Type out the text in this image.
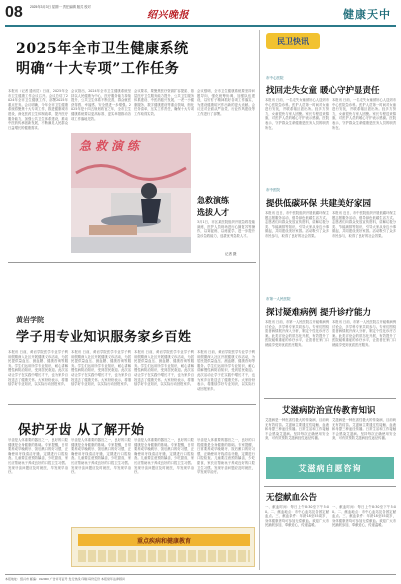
08 2025年3月3日 星期一 责任编辑 版式 校对
绍兴晚报	健康天中
2025年全市卫生健康系统
明确“十大专项”工作任务
民卫快讯
本报讯（记者 通讯员）日前，2025年全市卫生健康工作会议召开。会议总结了2024年全市卫生健康工作，部署2025年重点任务。会议明确，今年全市卫生健康系统将聚焦十大专项工作，推进健康城市建设，深化医药卫生体制改革，提升医疗服务能力，加强公共卫生体系建设，推动中医药传承创新发展，不断满足人民群众日益增长的健康需求。
会议指出，2024年全市卫生健康系统坚持以人民健康为中心，医疗服务能力持续提升，公共卫生体系不断完善，群众就医获得感、幸福感、安全感进一步增强。2025年是十四五规划收官之年，全市卫生健康系统要以更高标准、更实举措推动各项工作落地见效。
会议要求，要聚焦医疗资源扩容提质、基层医疗卫生服务能力提升、公共卫生服务体系建设、中医药振兴发展、一老一小健康服务、数字健康建设等重点领域，细化任务清单，压实工作责任，确保十大专项工作取得实效。
会议强调，全市卫生健康系统要坚持问题导向，强化统筹协调，加强队伍建设，以钉钉子精神抓好各项工作落实，为建设健康绍兴作出新的更大贡献。会议还对全面从严治党、行业作风建设等工作进行了部署。
急救演练
急救演练
选拔人才
3月1日，市区某医院组织开展急救技能演练，医护人员现场进行心肺复苏等操作，以赛促练、以练促学，进一步提升急诊急救能力，选拔优秀急救人才。
记者 摄
黄岩学院
学子用专业知识服务家乡百姓
本报讯 日前，黄岩学院医学专业学子利用假期深入社区开展健康义诊活动，为居民提供量血压、测血糖、健康咨询等服务。学生们运用所学专业知识，耐心讲解慢性病防治知识，受到居民欢迎。此次活动让学子在实践中增长才干，也为家乡百姓送去了健康关怀。大家纷纷表示，将继续学好专业知识，以实际行动回报家乡。
本报讯 日前，黄岩学院医学专业学子利用假期深入社区开展健康义诊活动，为居民提供量血压、测血糖、健康咨询等服务。学生们运用所学专业知识，耐心讲解慢性病防治知识，受到居民欢迎。此次活动让学子在实践中增长才干，也为家乡百姓送去了健康关怀。大家纷纷表示，将继续学好专业知识，以实际行动回报家乡。
本报讯 日前，黄岩学院医学专业学子利用假期深入社区开展健康义诊活动，为居民提供量血压、测血糖、健康咨询等服务。学生们运用所学专业知识，耐心讲解慢性病防治知识，受到居民欢迎。此次活动让学子在实践中增长才干，也为家乡百姓送去了健康关怀。大家纷纷表示，将继续学好专业知识，以实际行动回报家乡。
本报讯 日前，黄岩学院医学专业学子利用假期深入社区开展健康义诊活动，为居民提供量血压、测血糖、健康咨询等服务。学生们运用所学专业知识，耐心讲解慢性病防治知识，受到居民欢迎。此次活动让学子在实践中增长才干，也为家乡百姓送去了健康关怀。大家纷纷表示，将继续学好专业知识，以实际行动回报家乡。
保护牙齿 从了解开始
牙齿是人体重要的器官之一，良好的口腔健康是全身健康的基础。专家提醒，日常要养成早晚刷牙、饭后漱口的好习惯，正确使用牙线清洁牙缝，定期进行口腔检查。儿童要注意预防龋齿，少吃甜食，家长应帮助孩子养成良好的口腔卫生习惯。发现牙齿问题应及时就医，早发现早治疗。
牙齿是人体重要的器官之一，良好的口腔健康是全身健康的基础。专家提醒，日常要养成早晚刷牙、饭后漱口的好习惯，正确使用牙线清洁牙缝，定期进行口腔检查。儿童要注意预防龋齿，少吃甜食，家长应帮助孩子养成良好的口腔卫生习惯。发现牙齿问题应及时就医，早发现早治疗。
牙齿是人体重要的器官之一，良好的口腔健康是全身健康的基础。专家提醒，日常要养成早晚刷牙、饭后漱口的好习惯，正确使用牙线清洁牙缝，定期进行口腔检查。儿童要注意预防龋齿，少吃甜食，家长应帮助孩子养成良好的口腔卫生习惯。发现牙齿问题应及时就医，早发现早治疗。
牙齿是人体重要的器官之一，良好的口腔健康是全身健康的基础。专家提醒，日常要养成早晚刷牙、饭后漱口的好习惯，正确使用牙线清洁牙缝，定期进行口腔检查。儿童要注意预防龋齿，少吃甜食，家长应帮助孩子养成良好的口腔卫生习惯。发现牙齿问题应及时就医，早发现早治疗。
重点疾病和健康教育
市中心医院
找回走失女童 暖心守护显责任
本报讯 日前，一名走失女童被好心人送到市中心医院急诊科。医护人员第一时间对女童进行安抚，并联系辖区派出所。经多方努力，女童很快与家人团聚。家长专程送来锦旗，对医护人员的暖心守护表示感谢。医院表示，守护群众生命健康是医务人员的职责所在。
本报讯 日前，一名走失女童被好心人送到市中心医院急诊科。医护人员第一时间对女童进行安抚，并联系辖区派出所。经多方努力，女童很快与家人团聚。家长专程送来锦旗，对医护人员的暖心守护表示感谢。医院表示，守护群众生命健康是医务人员的职责所在。
市中医院
提供低碳环保 共建美好家园
本报讯 近日，市中医院组织开展低碳环保主题志愿服务活动，倡导绿色低碳生活方式。志愿者们向群众发放宣传资料，讲解垃圾分类、节能减排等知识，引导大家从身边小事做起，共同建设美好家园。活动吸引了众多市民参与，取得了良好的社会效果。
本报讯 近日，市中医院组织开展低碳环保主题志愿服务活动，倡导绿色低碳生活方式。志愿者们向群众发放宣传资料，讲解垃圾分类、节能减排等知识，引导大家从身边小事做起，共同建设美好家园。活动吸引了众多市民参与，取得了良好的社会效果。
市第一人民医院
探讨疑难病例 提升诊疗能力
本报讯 日前，市第一人民医院召开疑难病例讨论会，多学科专家共同参与。专家们围绕患者病情展开深入分析，制定个性化诊疗方案。此类讨论会的常态化开展，有效提升了医院疑难重症的诊疗水平，让患者在家门口就能享受到优质医疗服务。
本报讯 日前，市第一人民医院召开疑难病例讨论会，多学科专家共同参与。专家们围绕患者病情展开深入分析，制定个性化诊疗方案。此类讨论会的常态化开展，有效提升了医院疑难重症的诊疗水平，让患者在家门口就能享受到优质医疗服务。
艾滋病防治宣传教育知识
艾滋病是一种危害性极大的传染病，目前尚无有效疫苗。艾滋病主要通过性接触、血液和母婴三种途径传播。日常生活和工作接触不会感染艾滋病。坚持每次正确使用安全套，可有效预防艾滋病经性途径传播。
艾滋病是一种危害性极大的传染病，目前尚无有效疫苗。艾滋病主要通过性接触、血液和母婴三种途径传播。日常生活和工作接触不会感染艾滋病。坚持每次正确使用安全套，可有效预防艾滋病经性途径传播。
艾滋病自愿咨询
无偿献血公告
一、献血时间：每日上午8:30至下午5:00。二、献血地点：市中心血站及各固定献血点。三、献血条件：年龄18至55周岁，身体健康者均可参加无偿献血。欢迎广大市民踊跃参加，奉献爱心，传递温暖。
一、献血时间：每日上午8:30至下午5:00。二、献血地点：市中心血站及各固定献血点。三、献血条件：年龄18至55周岁，身体健康者均可参加无偿献血。欢迎广大市民踊跃参加，奉献爱心，传递温暖。
本报地址：绍兴市 邮编：312000 广告许可证号 发行热线 印刷 每份定价 本报常年法律顾问
